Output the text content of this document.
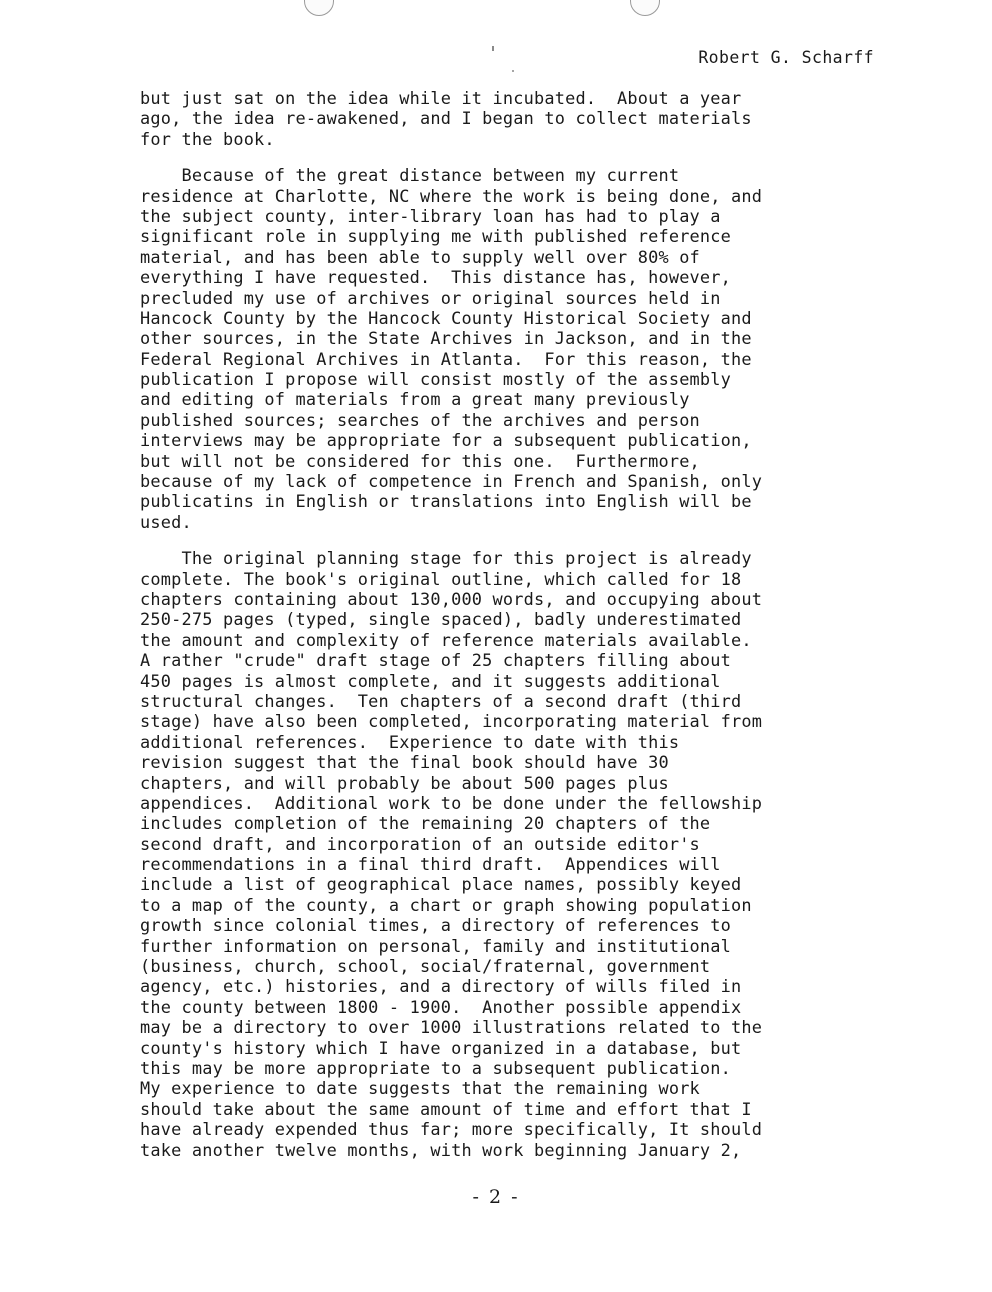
Robert G. Scharff
but just sat on the idea while it incubated.  About a year
ago, the idea re-awakened, and I began to collect materials
for the book.
Because of the great distance between my current
residence at Charlotte, NC where the work is being done, and
the subject county, inter-library loan has had to play a
significant role in supplying me with published reference
material, and has been able to supply well over 80% of
everything I have requested.  This distance has, however,
precluded my use of archives or original sources held in
Hancock County by the Hancock County Historical Society and
other sources, in the State Archives in Jackson, and in the
Federal Regional Archives in Atlanta.  For this reason, the
publication I propose will consist mostly of the assembly
and editing of materials from a great many previously
published sources; searches of the archives and person
interviews may be appropriate for a subsequent publication,
but will not be considered for this one.  Furthermore,
because of my lack of competence in French and Spanish, only
publicatins in English or translations into English will be
used.
The original planning stage for this project is already
complete. The book's original outline, which called for 18
chapters containing about 130,000 words, and occupying about
250-275 pages (typed, single spaced), badly underestimated
the amount and complexity of reference materials available.
A rather "crude" draft stage of 25 chapters filling about
450 pages is almost complete, and it suggests additional
structural changes.  Ten chapters of a second draft (third
stage) have also been completed, incorporating material from
additional references.  Experience to date with this
revision suggest that the final book should have 30
chapters, and will probably be about 500 pages plus
appendices.  Additional work to be done under the fellowship
includes completion of the remaining 20 chapters of the
second draft, and incorporation of an outside editor's
recommendations in a final third draft.  Appendices will
include a list of geographical place names, possibly keyed
to a map of the county, a chart or graph showing population
growth since colonial times, a directory of references to
further information on personal, family and institutional
(business, church, school, social/fraternal, government
agency, etc.) histories, and a directory of wills filed in
the county between 1800 - 1900.  Another possible appendix
may be a directory to over 1000 illustrations related to the
county's history which I have organized in a database, but
this may be more appropriate to a subsequent publication.
My experience to date suggests that the remaining work
should take about the same amount of time and effort that I
have already expended thus far; more specifically, It should
take another twelve months, with work beginning January 2,
- 2 -
